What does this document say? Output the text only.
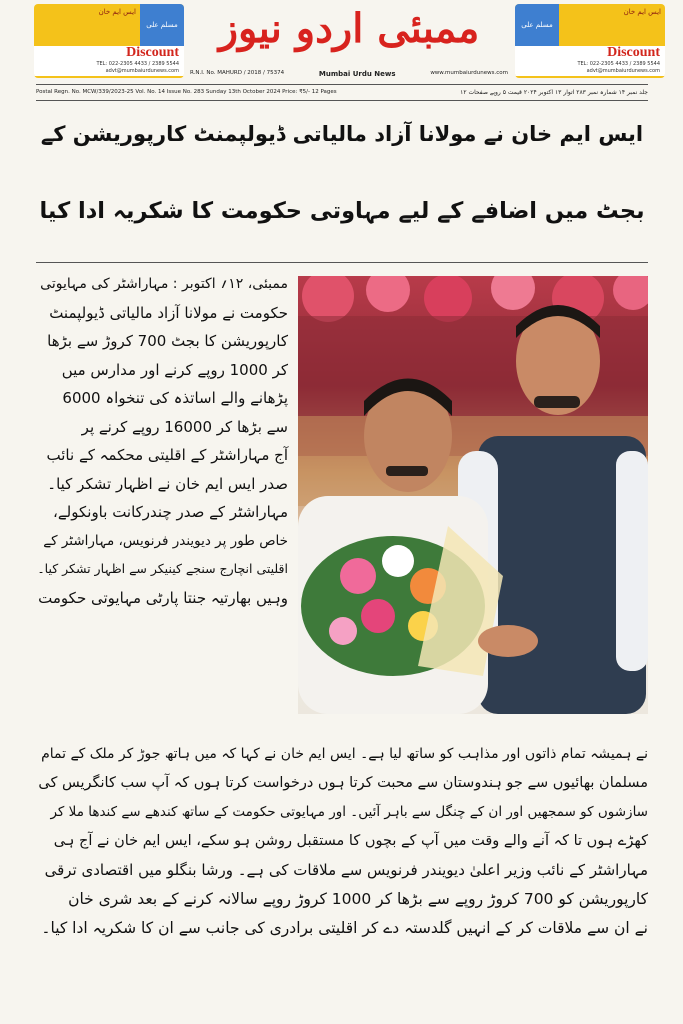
ایس ایم خان
مسلم علی
Discount
TEL: 022-2305 4433 / 2389 5544 advt@mumbaiurdunews.com
ممبئی اردو نیوز
R.N.I. No. MAHURD / 2018 / 75374	Mumbai Urdu News	www.mumbaiurdunews.com
مسلم علی
ایس ایم خان
Discount
TEL: 022-2305 4433 / 2389 5544 advt@mumbaiurdunews.com
Postal Regn. No. MCW/339/2023-25 Vol. No. 14 Issue No. 283 Sunday 13th October 2024 Price: ₹5/- 12 Pages	جلد نمبر ۱۴ شمارہ نمبر ۲۸۳ اتوار ۱۳ اکتوبر ۲۰۲۴ قیمت ۵ روپے صفحات ۱۲
ایس ایم خان نے مولانا آزاد مالیاتی ڈیولپمنٹ کارپوریشن کے
بجٹ میں اضافے کے لیے مہاوتی حکومت کا شکریہ ادا کیا

ممبئی، ۱۲؍ اکتوبر : مہاراشٹر کی مہایوتی

حکومت نے مولانا آزاد مالیاتی ڈیولپمنٹ

کارپوریشن کا بجٹ 700 کروڑ سے بڑھا

کر 1000 روپے کرنے اور مدارس میں

پڑھانے والے اساتذہ کی تنخواہ 6000

سے بڑھا کر 16000 روپے کرنے پر

آج مہاراشٹر کے اقلیتی محکمہ کے نائب

صدر ایس ایم خان نے اظہار تشکر کیا۔

مہاراشٹر کے صدر چندرکانت باونکولے،

خاص طور پر دیویندر فرنویس، مہاراشٹر کے

اقلیتی انچارج سنجے کینیکر سے اظہار تشکر کیا۔

وہیں بھارتیہ جنتا پارٹی مہایوتی حکومت

نے ہمیشہ تمام ذاتوں اور مذاہب کو ساتھ لیا ہے۔ ایس ایم خان نے کہا کہ میں ہاتھ جوڑ کر ملک کے تمام

مسلمان بھائیوں سے جو ہندوستان سے محبت کرتا ہوں درخواست کرتا ہوں کہ آپ سب کانگریس کی

سازشوں کو سمجھیں اور ان کے چنگل سے باہر آئیں۔ اور مہایوتی حکومت کے ساتھ کندھے سے کندھا ملا کر

کھڑے ہوں تا کہ آنے والے وقت میں آپ کے بچوں کا مستقبل روشن ہو سکے، ایس ایم خان نے آج ہی

مہاراشٹر کے نائب وزیر اعلیٰ دیویندر فرنویس سے ملاقات کی ہے۔ ورشا بنگلو میں اقتصادی ترقی

کارپوریشن کو 700 کروڑ روپے سے بڑھا کر 1000 کروڑ روپے سالانہ کرنے کے بعد شری خان

نے ان سے ملاقات کر کے انہیں گلدستہ دے کر اقلیتی برادری کی جانب سے ان کا شکریہ ادا کیا۔
